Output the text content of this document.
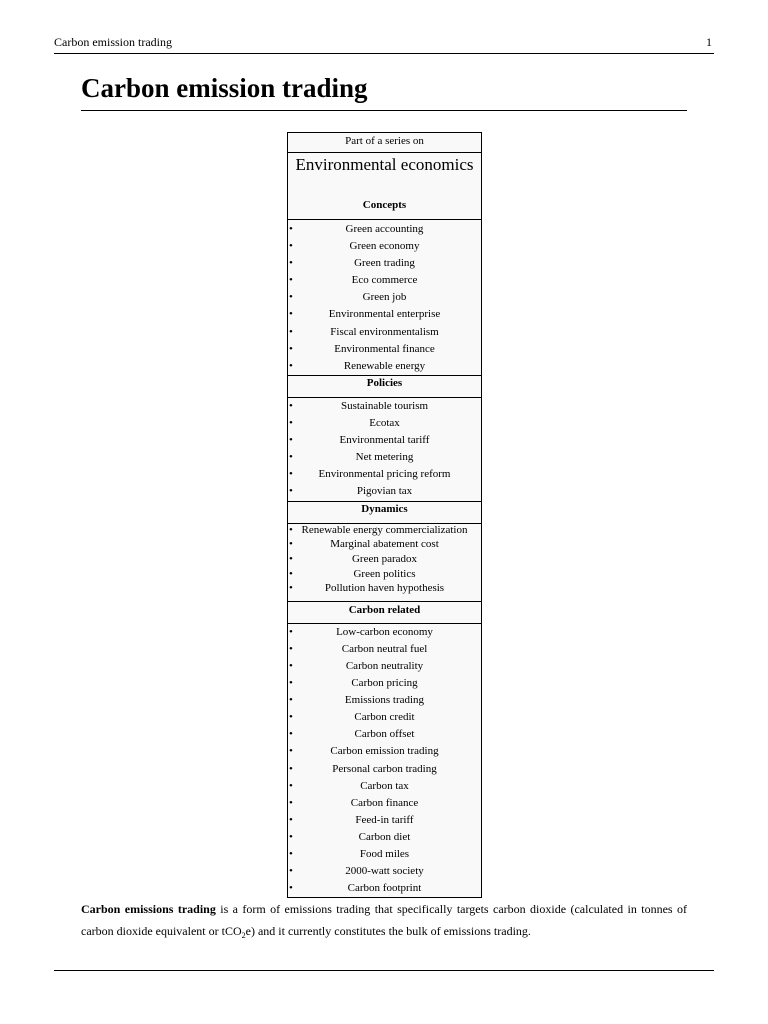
Carbon emission trading	1
Carbon emission trading
Part of a series on
Environmental economics
Concepts
•	Green accounting
•	Green economy
•	Green trading
•	Eco commerce
•	Green job
•	Environmental enterprise
•	Fiscal environmentalism
•	Environmental finance
•	Renewable energy
Policies
•	Sustainable tourism
•	Ecotax
•	Environmental tariff
•	Net metering
• Environmental pricing reform
•	Pigovian tax
Dynamics
• Renewable energy commercialization
•	Marginal abatement cost
•	Green paradox
•	Green politics
•	Pollution haven hypothesis
Carbon related
•	Low-carbon economy
•	Carbon neutral fuel
•	Carbon neutrality
•	Carbon pricing
•	Emissions trading
•	Carbon credit
•	Carbon offset
•	Carbon emission trading
•	Personal carbon trading
•	Carbon tax
•	Carbon finance
•	Feed-in tariff
•	Carbon diet
•	Food miles
•	2000-watt society
•	Carbon footprint

Carbon emissions trading is a form of emissions trading that specifically targets carbon dioxide (calculated in tonnes of carbon dioxide equivalent or tCO$_2$e) and it currently constitutes the bulk of emissions trading.
